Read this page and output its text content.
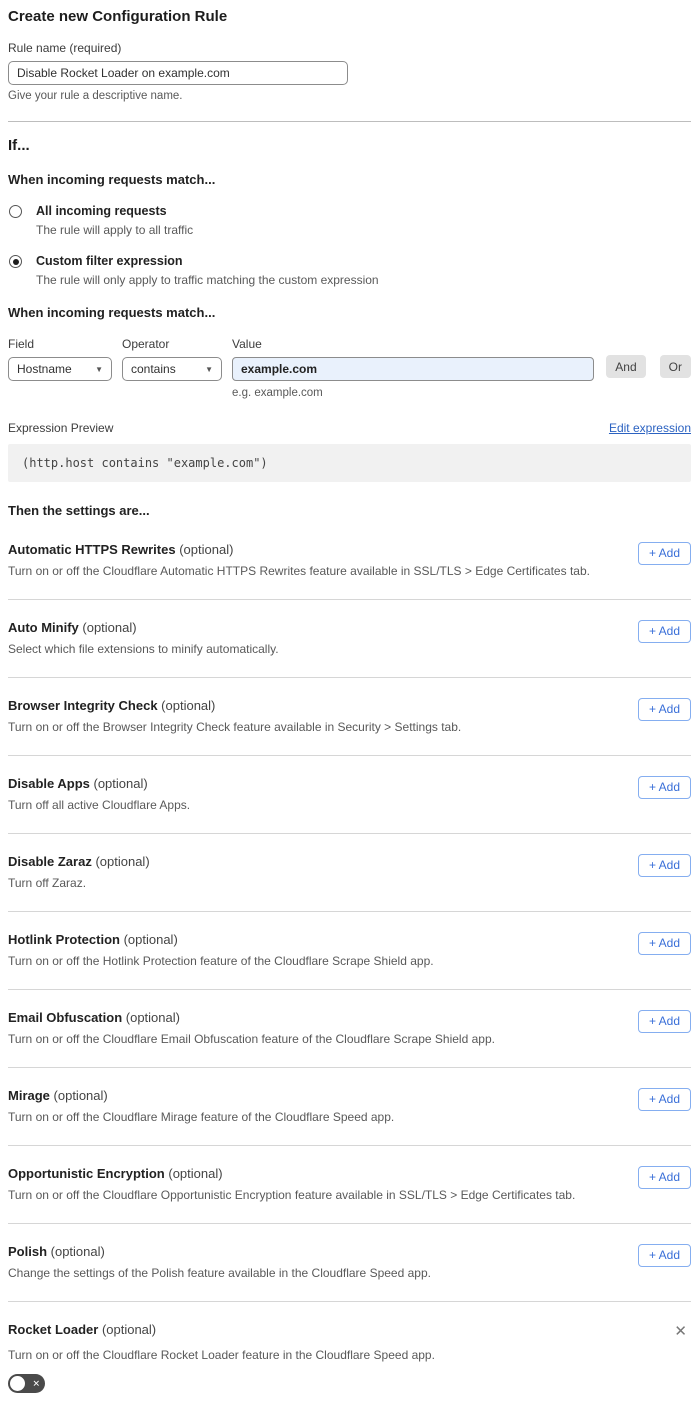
Create new Configuration Rule
Rule name (required)
Disable Rocket Loader on example.com
Give your rule a descriptive name.
If...
When incoming requests match...
All incoming requests
The rule will apply to all traffic
Custom filter expression
The rule will only apply to traffic matching the custom expression
When incoming requests match...
Field
Hostname	▼
Operator
contains	▼
Value
example.com
e.g. example.com
And	Or
Expression Preview	Edit expression
(http.host contains "example.com")
Then the settings are...
Automatic HTTPS Rewrites (optional)
Turn on or off the Cloudflare Automatic HTTPS Rewrites feature available in SSL/TLS > Edge Certificates tab.
+ Add
Auto Minify (optional)
Select which file extensions to minify automatically.
+ Add
Browser Integrity Check (optional)
Turn on or off the Browser Integrity Check feature available in Security > Settings tab.
+ Add
Disable Apps (optional)
Turn off all active Cloudflare Apps.
+ Add
Disable Zaraz (optional)
Turn off Zaraz.
+ Add
Hotlink Protection (optional)
Turn on or off the Hotlink Protection feature of the Cloudflare Scrape Shield app.
+ Add
Email Obfuscation (optional)
Turn on or off the Cloudflare Email Obfuscation feature of the Cloudflare Scrape Shield app.
+ Add
Mirage (optional)
Turn on or off the Cloudflare Mirage feature of the Cloudflare Speed app.
+ Add
Opportunistic Encryption (optional)
Turn on or off the Cloudflare Opportunistic Encryption feature available in SSL/TLS > Edge Certificates tab.
+ Add
Polish (optional)
Change the settings of the Polish feature available in the Cloudflare Speed app.
+ Add
Rocket Loader (optional)	✕
Turn on or off the Cloudflare Rocket Loader feature in the Cloudflare Speed app.
✕
